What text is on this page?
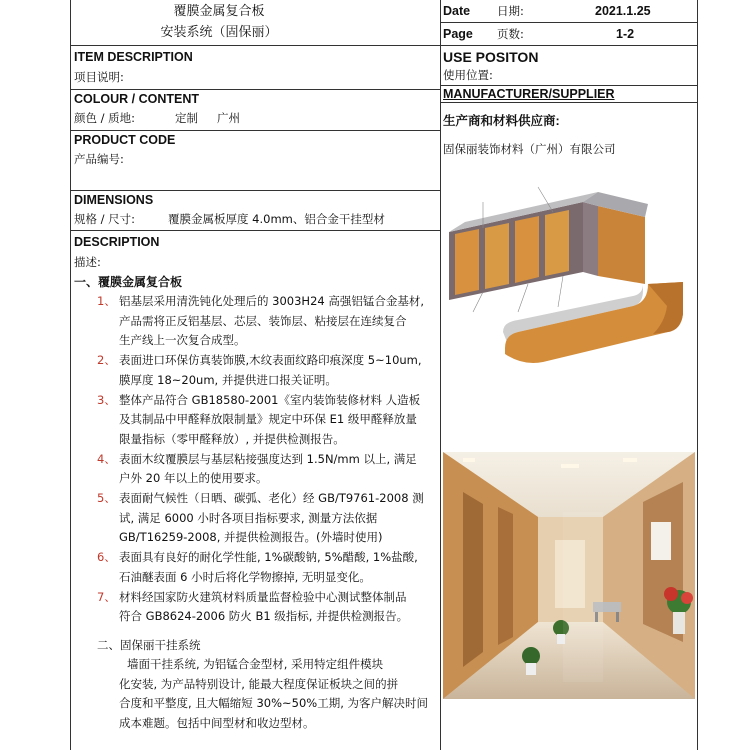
覆膜金属复合板
安装系统（固保丽）
Date 日期:	2021.1.25
Page 页数:	1-2
ITEM DESCRIPTION
项目说明:
COLOUR / CONTENT
颜色 / 质地:	定制 广州
PRODUCT CODE
产品编号:
DIMENSIONS
规格 / 尺寸:	覆膜金属板厚度 4.0mm、铝合金干挂型材
DESCRIPTION
描述:
一、覆膜金属复合板
1、 铝基层采用清洗钝化处理后的 3003H24 高强铝锰合金基材,
产品需将正反铝基层、芯层、装饰层、粘接层在连续复合
生产线上一次复合成型。
2、 表面进口环保仿真装饰膜,木纹表面纹路印痕深度 5~10um,
膜厚度 18~20um, 并提供进口报关证明。
3、 整体产品符合 GB18580-2001《室内装饰装修材料 人造板
及其制品中甲醛释放限制量》规定中环保 E1 级甲醛释放量
限量指标（零甲醛释放）, 并提供检测报告。
4、 表面木纹覆膜层与基层粘接强度达到 1.5N/mm 以上, 满足
户外 20 年以上的使用要求。
5、 表面耐气候性（日晒、碳弧、老化）经 GB/T9761-2008 测
试, 满足 6000 小时各项目指标要求, 测量方法依据
GB/T16259-2008, 并提供检测报告。(外墙时使用)
6、 表面具有良好的耐化学性能, 1%碳酸钠, 5%醋酸, 1%盐酸,
石油醚表面 6 小时后将化学物擦掉, 无明显变化。
7、 材料经国家防火建筑材料质量监督检验中心测试整体制品
符合 GB8624-2006 防火 B1 级指标, 并提供检测报告。
二、固保丽干挂系统
墙面干挂系统, 为铝锰合金型材, 采用特定组件模块
化安装, 为产品特别设计, 能最大程度保证板块之间的拼
合度和平整度, 且大幅缩短 30%~50%工期, 为客户解决时间
成本难题。包括中间型材和收边型材。
USE POSITON
使用位置:
MANUFACTURER/SUPPLIER
生产商和材料供应商:
固保丽装饰材料（广州）有限公司
